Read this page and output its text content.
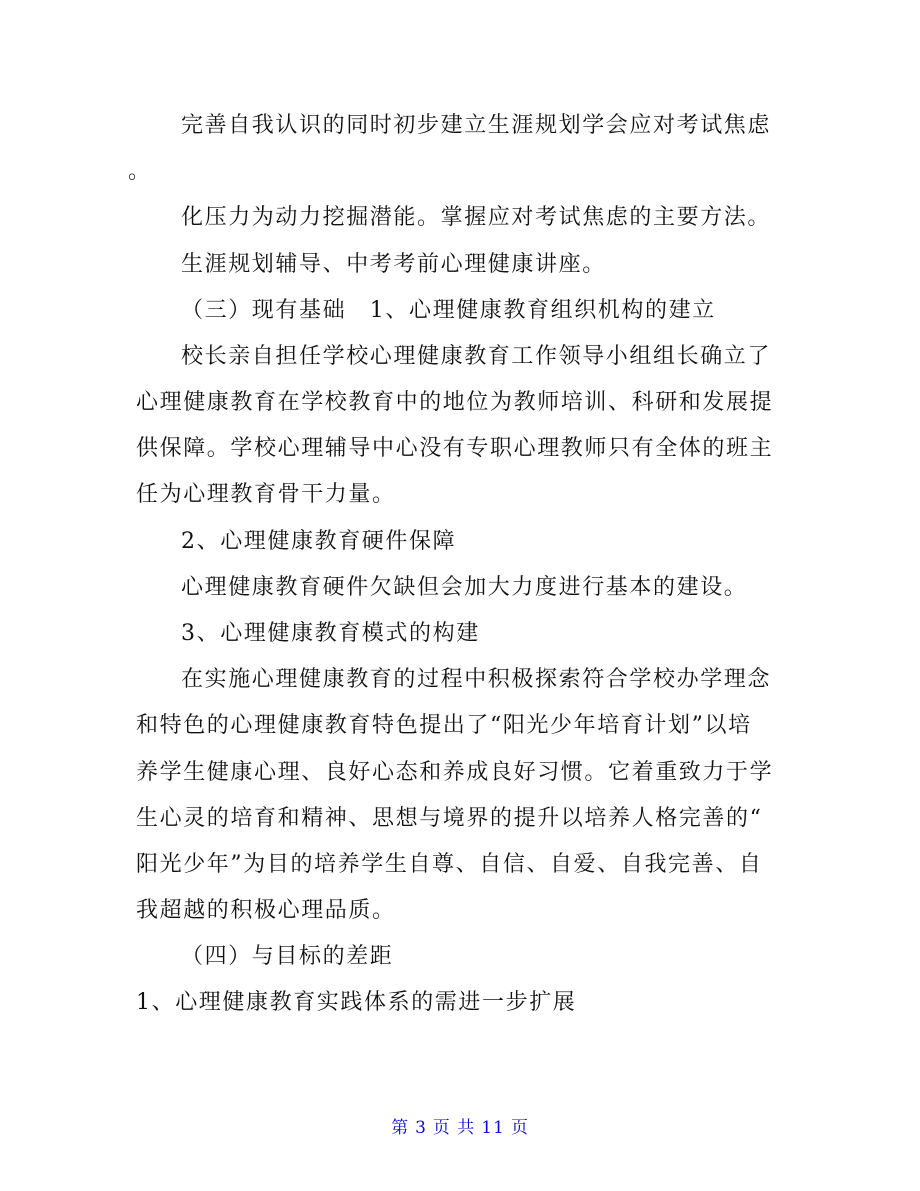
完善自我认识的同时初步建立生涯规划学会应对考试焦虑
。
化压力为动力挖掘潜能。掌握应对考试焦虑的主要方法。
生涯规划辅导、中考考前心理健康讲座。
（三）现有基础　1、心理健康教育组织机构的建立
校长亲自担任学校心理健康教育工作领导小组组长确立了
心理健康教育在学校教育中的地位为教师培训、科研和发展提
供保障。学校心理辅导中心没有专职心理教师只有全体的班主
任为心理教育骨干力量。
2、心理健康教育硬件保障
心理健康教育硬件欠缺但会加大力度进行基本的建设。
3、心理健康教育模式的构建
在实施心理健康教育的过程中积极探索符合学校办学理念
和特色的心理健康教育特色提出了“阳光少年培育计划”以培
养学生健康心理、良好心态和养成良好习惯。它着重致力于学
生心灵的培育和精神、思想与境界的提升以培养人格完善的“
阳光少年”为目的培养学生自尊、自信、自爱、自我完善、自
我超越的积极心理品质。
（四）与目标的差距
1、心理健康教育实践体系的需进一步扩展
第 3 页 共 11 页
